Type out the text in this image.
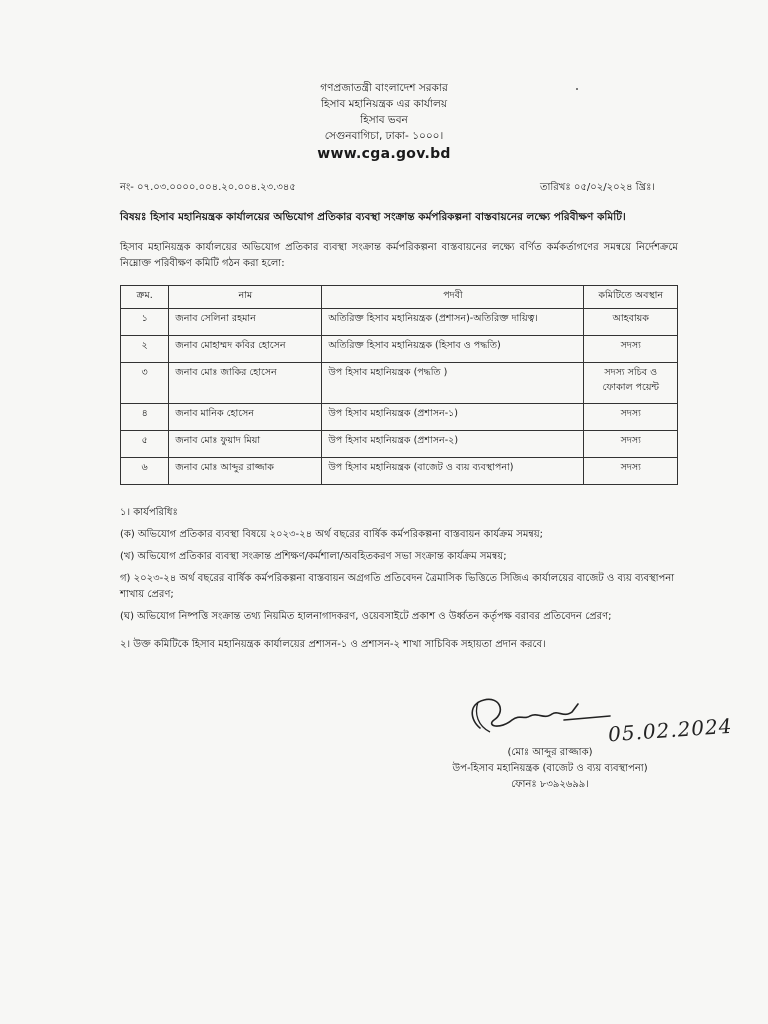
গণপ্রজাতন্ত্রী বাংলাদেশ সরকার
হিসাব মহানিয়ন্ত্রক এর কার্যালয়
হিসাব ভবন
সেগুনবাগিচা, ঢাকা- ১০০০।
www.cga.gov.bd
নং- ০৭.০৩.০০০০.০০৪.২০.০০৪.২৩.৩৪৫	তারিখঃ ০৫/০২/২০২৪ খ্রিঃ।
বিষয়ঃ হিসাব মহানিয়ন্ত্রক কার্যালয়ের অভিযোগ প্রতিকার ব্যবস্থা সংক্রান্ত কর্মপরিকল্পনা বাস্তবায়নের লক্ষ্যে পরিবীক্ষণ কমিটি।
হিসাব মহানিয়ন্ত্রক কার্যালয়ের অভিযোগ প্রতিকার ব্যবস্থা সংক্রান্ত কর্মপরিকল্পনা বাস্তবায়নের লক্ষ্যে বর্ণিত কর্মকর্তাগণের সমন্বয়ে নির্দেশক্রমে নিম্নোক্ত পরিবীক্ষণ কমিটি গঠন করা হলো:
ক্রম.	নাম	পদবী	কমিটিতে অবস্থান
১	জনাব সেলিনা রহমান	অতিরিক্ত হিসাব মহানিয়ন্ত্রক (প্রশাসন)-অতিরিক্ত দায়িত্ব।	আহবায়ক
২	জনাব মোহাম্মদ কবির হোসেন	অতিরিক্ত হিসাব মহানিয়ন্ত্রক (হিসাব ও পদ্ধতি)	সদস্য
৩	জনাব মোঃ জাকির হোসেন	উপ হিসাব মহানিয়ন্ত্রক (পদ্ধতি )	সদস্য সচিব ও ফোকাল পয়েন্ট
৪	জনাব মানিক হোসেন	উপ হিসাব মহানিয়ন্ত্রক (প্রশাসন-১)	সদস্য
৫	জনাব মোঃ ফুয়াদ মিয়া	উপ হিসাব মহানিয়ন্ত্রক (প্রশাসন-২)	সদস্য
৬	জনাব মোঃ আব্দুর রাজ্জাক	উপ হিসাব মহানিয়ন্ত্রক (বাজেট ও ব্যয় ব্যবস্থাপনা)	সদস্য

১। কার্যপরিধিঃ

(ক) অভিযোগ প্রতিকার ব্যবস্থা বিষয়ে ২০২৩-২৪ অর্থ বছরের বার্ষিক কর্মপরিকল্পনা বাস্তবায়ন কার্যক্রম সমন্বয়;

(খ) অভিযোগ প্রতিকার ব্যবস্থা সংক্রান্ত প্রশিক্ষণ/কর্মশালা/অবহিতকরণ সভা সংক্রান্ত কার্যক্রম সমন্বয়;

গ) ২০২৩-২৪ অর্থ বছরের বার্ষিক কর্মপরিকল্পনা বাস্তবায়ন অগ্রগতি প্রতিবেদন ত্রৈমাসিক ভিত্তিতে সিজিএ কার্যালয়ের বাজেট ও ব্যয় ব্যবস্থাপনা শাখায় প্রেরণ;

(ঘ) অভিযোগ নিষ্পত্তি সংক্রান্ত তথ্য নিয়মিত হালনাগাদকরণ, ওয়েবসাইটে প্রকাশ ও উর্ধ্বতন কর্তৃপক্ষ বরাবর প্রতিবেদন প্রেরণ;

২। উক্ত কমিটিকে হিসাব মহানিয়ন্ত্রক কার্যালয়ের প্রশাসন-১ ও প্রশাসন-২ শাখা সাচিবিক সহায়তা প্রদান করবে।

05.02.2024
(মোঃ আব্দুর রাজ্জাক)
উপ-হিসাব মহানিয়ন্ত্রক (বাজেট ও ব্যয় ব্যবস্থাপনা)
ফোনঃ ৮৩৯২৬৯৯।
